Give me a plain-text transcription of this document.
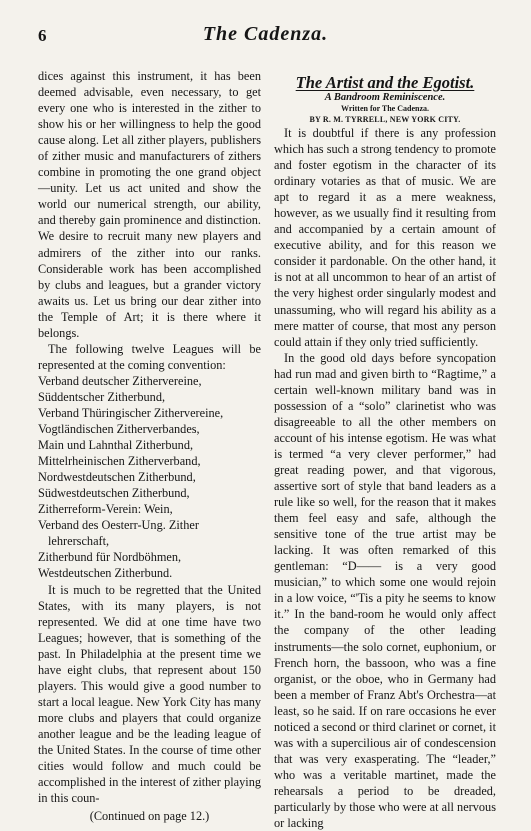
6	The Cadenza.

dices against this instrument, it has been deemed advisable, even necessary, to get every one who is interested in the zither to show his or her willingness to help the good cause along. Let all zither players, publishers of zither music and manufacturers of zithers combine in promoting the one grand object—unity. Let us act united and show the world our numerical strength, our ability, and thereby gain prominence and distinction. We desire to recruit many new players and admirers of the zither into our ranks. Considerable work has been accomplished by clubs and leagues, but a grander victory awaits us. Let us bring our dear zither into the Temple of Art; it is there where it belongs.

The following twelve Leagues will be represented at the coming convention:

Verband deutscher Zithervereine,

Süddentscher Zitherbund,

Verband Thüringischer Zithervereine,

Vogtländischen Zitherverbandes,

Main und Lahnthal Zitherbund,

Mittelrheinischen Zitherverband,

Nordwestdeutschen Zitherbund,

Südwestdeutschen Zitherbund,

Zitherreform-Verein: Wein,

Verband des Oesterr-Ung. Zither lehrerschaft,

Zitherbund für Nordböhmen,

Westdeutschen Zitherbund.

It is much to be regretted that the United States, with its many players, is not represented. We did at one time have two Leagues; however, that is something of the past. In Philadelphia at the present time we have eight clubs, that represent about 150 players. This would give a good number to start a local league. New York City has many more clubs and players that could organize another league and be the leading league of the United States. In the course of time other cities would follow and much could be accomplished in the interest of zither playing in this coun-

(Continued on page 12.)

The Artist and the Egotist.
A Bandroom Reminiscence.
Written for The Cadenza.
BY R. M. TYRRELL, NEW YORK CITY.

It is doubtful if there is any profession which has such a strong tendency to promote and foster egotism in the character of its ordinary votaries as that of music. We are apt to regard it as a mere weakness, however, as we usually find it resulting from and accompanied by a certain amount of executive ability, and for this reason we consider it pardonable. On the other hand, it is not at all uncommon to hear of an artist of the very highest order singularly modest and unassuming, who will regard his ability as a mere matter of course, that most any person could attain if they only tried sufficiently.

In the good old days before syncopation had run mad and given birth to “Ragtime,” a certain well-known military band was in possession of a “solo” clarinetist who was disagreeable to all the other members on account of his intense egotism. He was what is termed “a very clever performer,” had great reading power, and that vigorous, assertive sort of style that band leaders as a rule like so well, for the reason that it makes them feel easy and safe, although the sensitive tone of the true artist may be lacking. It was often remarked of this gentleman: “D—— is a very good musician,” to which some one would rejoin in a low voice, “'Tis a pity he seems to know it.” In the band-room he would only affect the company of the other leading instruments—the solo cornet, euphonium, or French horn, the bassoon, who was a fine organist, or the oboe, who in Germany had been a member of Franz Abt's Orchestra—at least, so he said. If on rare occasions he ever noticed a second or third clarinet or cornet, it was with a supercilious air of condescension that was very exasperating. The “leader,” who was a veritable martinet, made the rehearsals a period to be dreaded, particularly by those who were at all nervous or lacking
